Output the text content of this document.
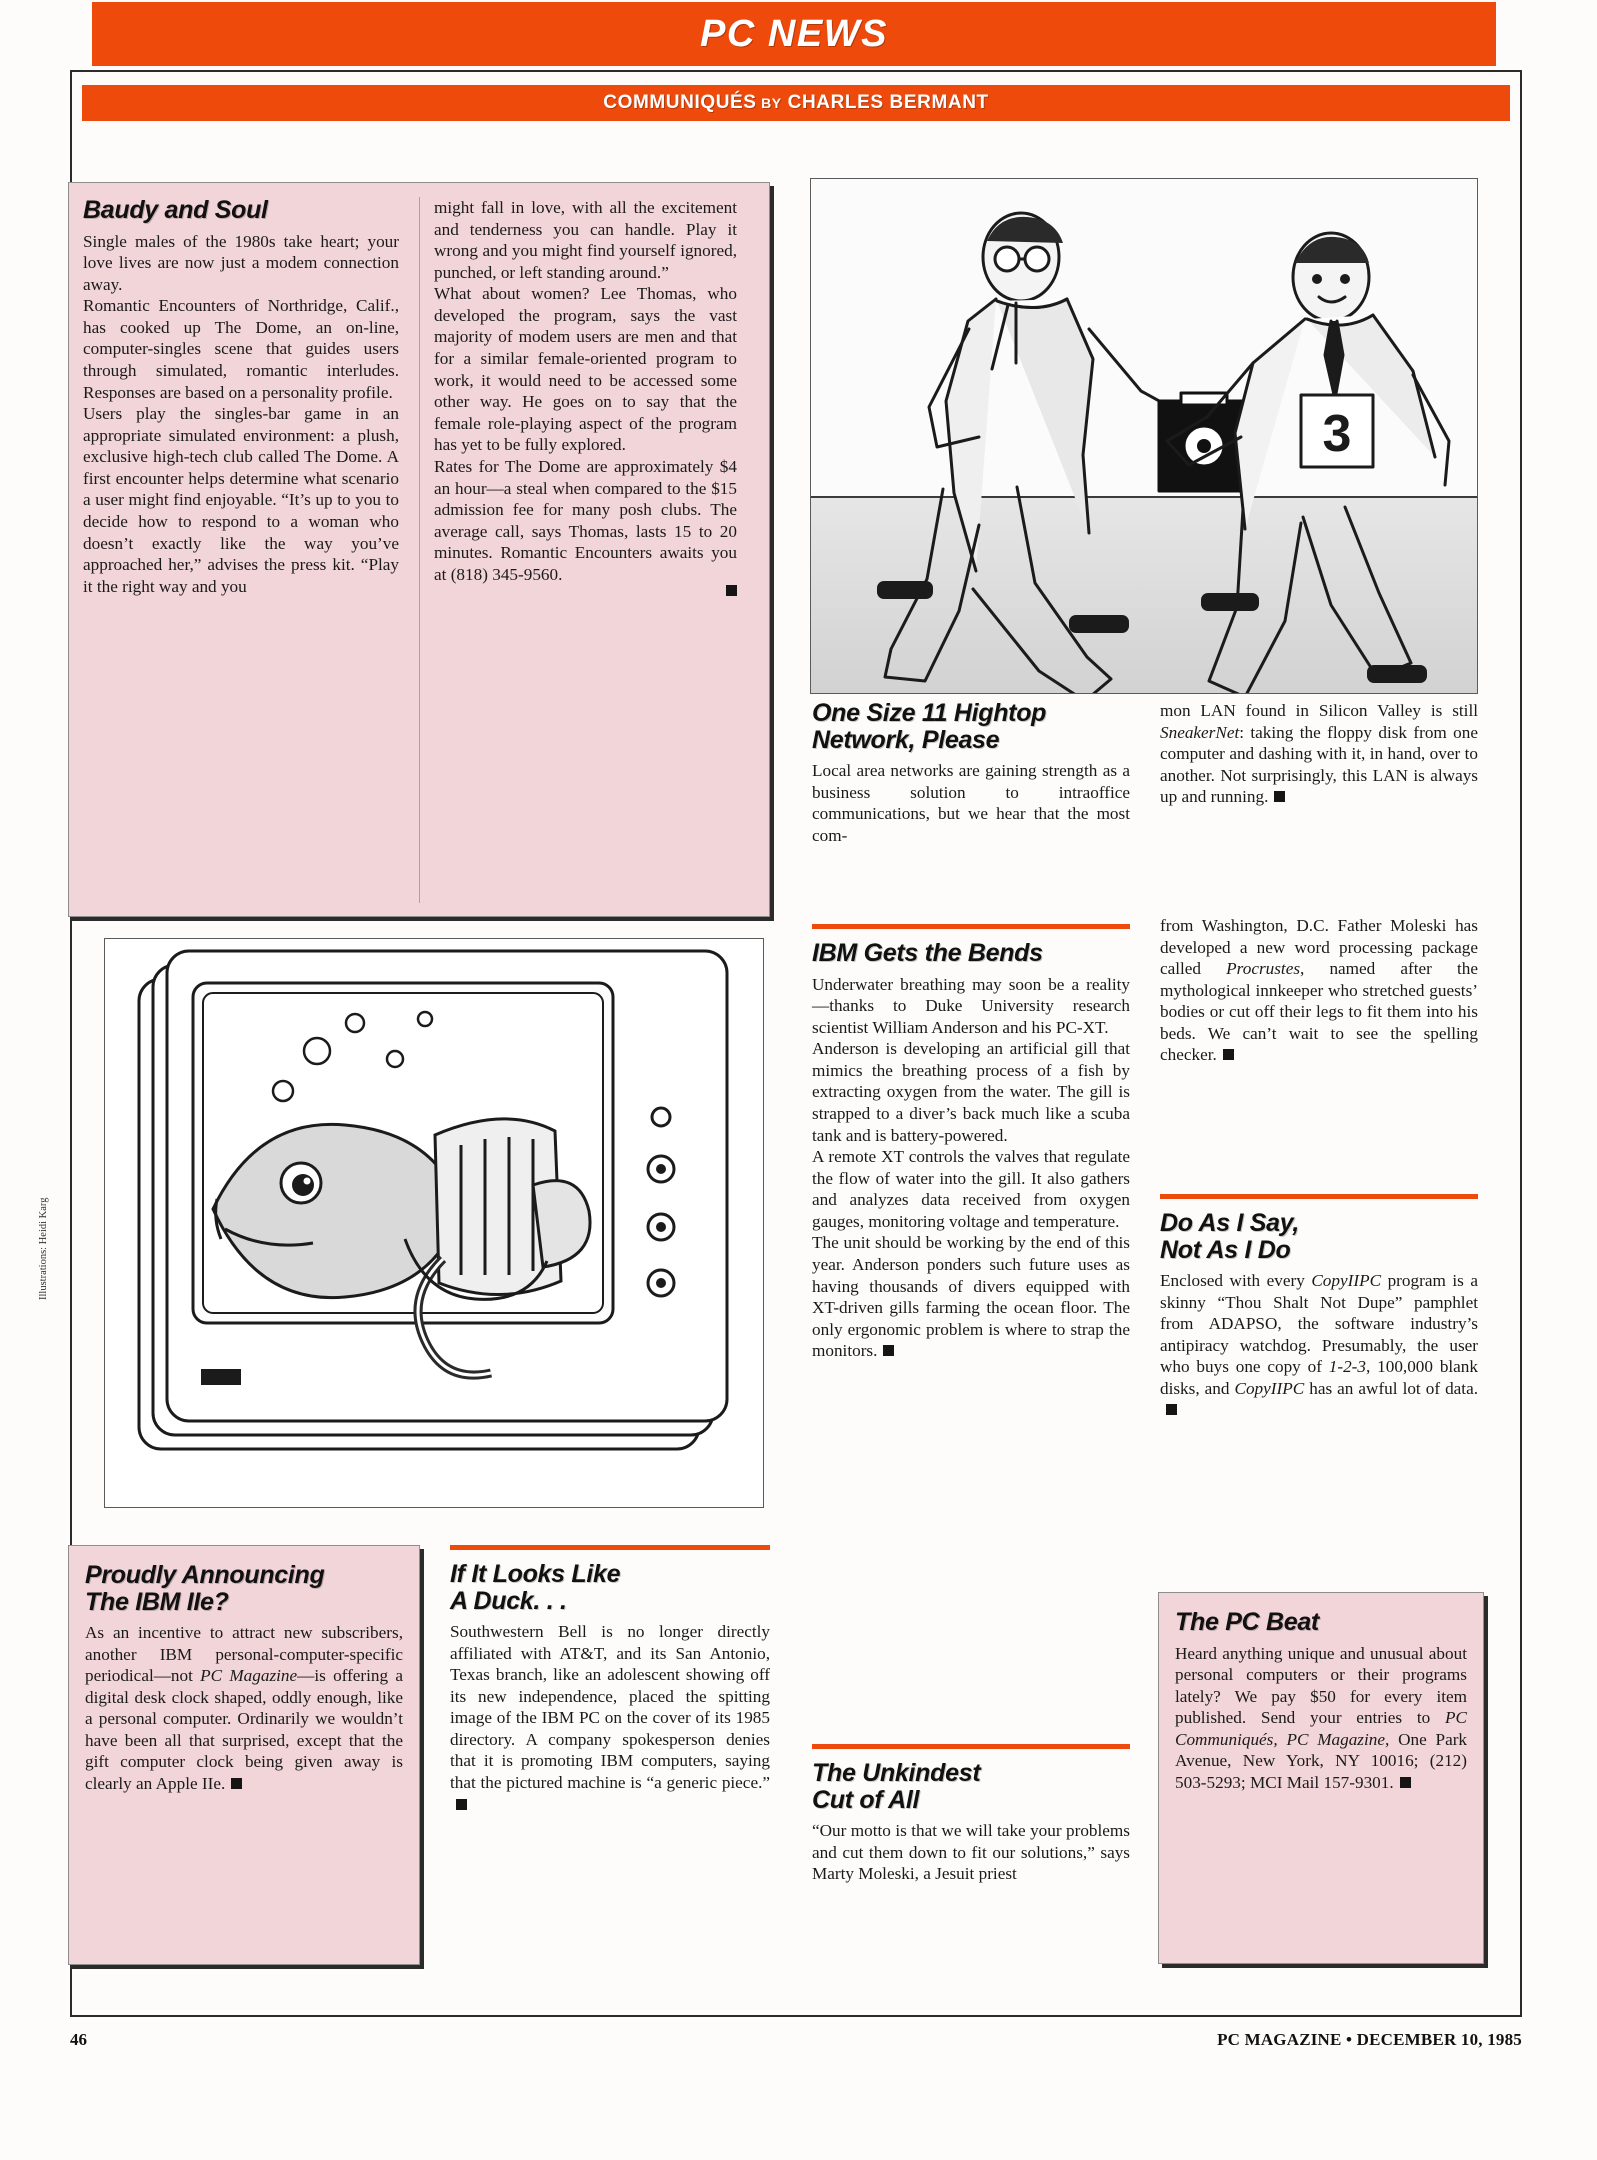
PC NEWS
COMMUNIQUÉS BY CHARLES BERMANT
Baudy and Soul

Single males of the 1980s take heart; your love lives are now just a modem connection away.

Romantic Encounters of Northridge, Calif., has cooked up The Dome, an on-line, computer-singles scene that guides users through simulated, romantic interludes. Responses are based on a personality profile.

Users play the singles-bar game in an appropriate simulated environment: a plush, exclusive high-tech club called The Dome. A first encounter helps determine what scenario a user might find enjoyable. “It’s up to you to decide how to respond to a woman who doesn’t exactly like the way you’ve approached her,” advises the press kit. “Play it the right way and you

might fall in love, with all the excitement and tenderness you can handle. Play it wrong and you might find yourself ignored, punched, or left standing around.”

What about women? Lee Thomas, who developed the program, says the vast majority of modem users are men and that for a similar female-oriented program to work, it would need to be accessed some other way. He goes on to say that the female role-playing aspect of the program has yet to be fully explored.

Rates for The Dome are approximately $4 an hour—a steal when compared to the $15 admission fee for many posh clubs. The average call, says Thomas, lasts 15 to 20 minutes. Romantic Encounters awaits you at (818) 345-9560.

3
One Size 11 Hightop
Network, Please

Local area networks are gaining strength as a business solution to intraoffice communications, but we hear that the most com-

mon LAN found in Silicon Valley is still SneakerNet: taking the floppy disk from one computer and dashing with it, in hand, over to another. Not surprisingly, this LAN is always up and running.

IBM Gets the Bends

Underwater breathing may soon be a reality—thanks to Duke University research scientist William Anderson and his PC-XT.

Anderson is developing an artificial gill that mimics the breathing process of a fish by extracting oxygen from the water. The gill is strapped to a diver’s back much like a scuba tank and is battery-powered.

A remote XT controls the valves that regulate the flow of water into the gill. It also gathers and analyzes data received from oxygen gauges, monitoring voltage and temperature.

The unit should be working by the end of this year. Anderson ponders such future uses as having thousands of divers equipped with XT-driven gills farming the ocean floor. The only ergonomic problem is where to strap the monitors.

The Unkindest
Cut of All

“Our motto is that we will take your problems and cut them down to fit our solutions,” says Marty Moleski, a Jesuit priest

from Washington, D.C. Father Moleski has developed a new word processing package called Procrustes, named after the mythological innkeeper who stretched guests’ bodies or cut off their legs to fit them into his beds. We can’t wait to see the spelling checker.

Do As I Say,
Not As I Do

Enclosed with every CopyIIPC program is a skinny “Thou Shalt Not Dupe” pamphlet from ADAPSO, the software industry’s antipiracy watchdog. Presumably, the user who buys one copy of 1-2-3, 100,000 blank disks, and CopyIIPC has an awful lot of data.

Illustrations: Heidi Karg
Proudly Announcing
The IBM IIe?

As an incentive to attract new subscribers, another IBM personal-computer-specific periodical—not PC Magazine—is offering a digital desk clock shaped, oddly enough, like a personal computer. Ordinarily we wouldn’t have been all that surprised, except that the gift computer clock being given away is clearly an Apple IIe.

If It Looks Like
A Duck. . .

Southwestern Bell is no longer directly affiliated with AT&T, and its San Antonio, Texas branch, like an adolescent showing off its new independence, placed the spitting image of the IBM PC on the cover of its 1985 directory. A company spokesperson denies that it is promoting IBM computers, saying that the pictured machine is “a generic piece.”

The PC Beat

Heard anything unique and unusual about personal computers or their programs lately? We pay $50 for every item published. Send your entries to PC Communiqués, PC Magazine, One Park Avenue, New York, NY 10016; (212) 503-5293; MCI Mail 157-9301.

46	PC MAGAZINE • DECEMBER 10, 1985
